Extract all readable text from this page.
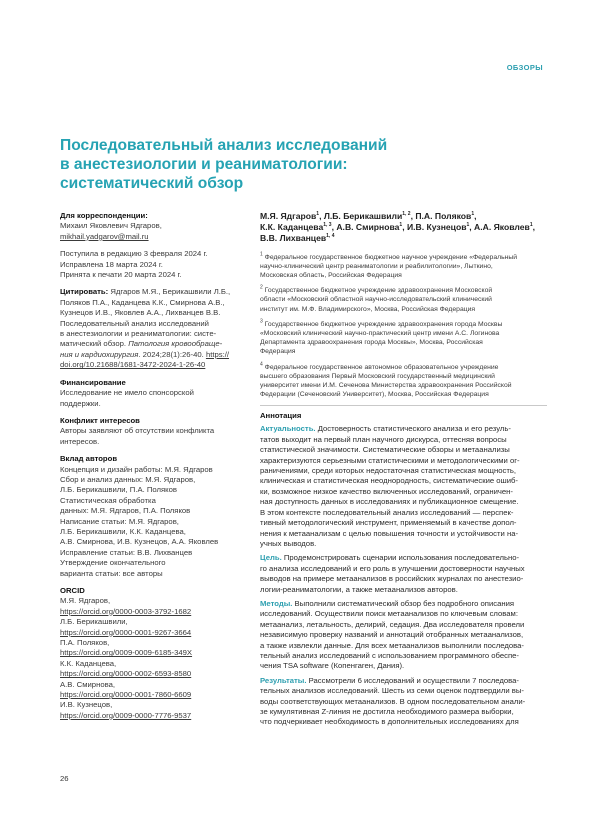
ОБЗОРЫ
Последовательный анализ исследований
в анестезиологии и реаниматологии:
систематический обзор
Для корреспонденции:
Михаил Яковлевич Ядгаров,
mikhail.yadgarov@mail.ru
Поступила в редакцию 3 февраля 2024 г.
Исправлена 18 марта 2024 г.
Принята к печати 20 марта 2024 г.
Цитировать: Ядгаров М.Я., Берикашвили Л.Б.,
Поляков П.А., Каданцева К.К., Смирнова А.В.,
Кузнецов И.В., Яковлев А.А., Лихванцев В.В.
Последовательный анализ исследований
в анестезиологии и реаниматологии: систе-
матический обзор. Патология кровообраще-
ния и кардиохирургия. 2024;28(1):26-40. https://
doi.org/10.21688/1681-3472-2024-1-26-40
Финансирование
Исследование не имело спонсорской
поддержки.
Конфликт интересов
Авторы заявляют об отсутствии конфликта
интересов.
Вклад авторов
Концепция и дизайн работы: М.Я. Ядгаров
Сбор и анализ данных: М.Я. Ядгаров,
Л.Б. Берикашвили, П.А. Поляков
Статистическая обработка
данных: М.Я. Ядгаров, П.А. Поляков
Написание статьи: М.Я. Ядгаров,
Л.Б. Берикашвили, К.К. Каданцева,
А.В. Смирнова, И.В. Кузнецов, А.А. Яковлев
Исправление статьи: В.В. Лихванцев
Утверждение окончательного
варианта статьи: все авторы
ORCID
М.Я. Ядгаров,
https://orcid.org/0000-0003-3792-1682
Л.Б. Берикашвили,
https://orcid.org/0000-0001-9267-3664
П.А. Поляков,
https://orcid.org/0009-0009-6185-349X
К.К. Каданцева,
https://orcid.org/0000-0002-6593-8580
А.В. Смирнова,
https://orcid.org/0000-0001-7860-6609
И.В. Кузнецов,
https://orcid.org/0009-0000-7776-9537
М.Я. Ядгаров$^1$, Л.Б. Берикашвили$^{1, 2}$, П.А. Поляков$^1$,
К.К. Каданцева$^{1, 3}$, А.В. Смирнова$^1$, И.В. Кузнецов$^1$, А.А. Яковлев$^1$,
В.В. Лихванцев$^{1, 4}$
$^1$ Федеральное государственное бюджетное научное учреждение «Федеральный
научно-клинический центр реаниматологии и реабилитологии», Лыткино,
Московская область, Российская Федерация
$^2$ Государственное бюджетное учреждение здравоохранения Московской
области «Московский областной научно-исследовательский клинический
институт им. М.Ф. Владимирского», Москва, Российская Федерация
$^3$ Государственное бюджетное учреждение здравоохранения города Москвы
«Московский клинический научно-практический центр имени А.С. Логинова
Департамента здравоохранения города Москвы», Москва, Российская
Федерация
$^4$ Федеральное государственное автономное образовательное учреждение
высшего образования Первый Московский государственный медицинский
университет имени И.М. Сеченова Министерства здравоохранения Российской
Федерации (Сеченовский Университет), Москва, Российская Федерация
Аннотация
Актуальность. Достоверность статистического анализа и его резуль-
татов выходит на первый план научного дискурса, оттесняя вопросы
статистической значимости. Систематические обзоры и метаанализы
характеризуются серьезными статистическими и методологическими ог-
раничениями, среди которых недостаточная статистическая мощность,
клиническая и статистическая неоднородность, систематические ошиб-
ки, возможное низкое качество включенных исследований, ограничен-
ная доступность данных в исследованиях и публикационное смещение.
В этом контексте последовательный анализ исследований — перспек-
тивный методологический инструмент, применяемый в качестве допол-
нения к метаанализам с целью повышения точности и устойчивости на-
учных выводов.
Цель. Продемонстрировать сценарии использования последовательно-
го анализа исследований и его роль в улучшении достоверности научных
выводов на примере метаанализов в российских журналах по анестезио-
логии-реаниматологии, а также метаанализов авторов.
Методы. Выполнили систематический обзор без подробного описания
исследований. Осуществили поиск метаанализов по ключевым словам:
метаанализ, летальность, делирий, седация. Два исследователя провели
независимую проверку названий и аннотаций отобранных метаанализов,
а также извлекли данные. Для всех метаанализов выполнили последова-
тельный анализ исследований с использованием программного обеспе-
чения TSA software (Копенгаген, Дания).
Результаты. Рассмотрели 6 исследований и осуществили 7 последова-
тельных анализов исследований. Шесть из семи оценок подтвердили вы-
воды соответствующих метаанализов. В одном последовательном анали-
зе кумулятивная Z-линия не достигла необходимого размера выборки,
что подчеркивает необходимость в дополнительных исследованиях для
26
